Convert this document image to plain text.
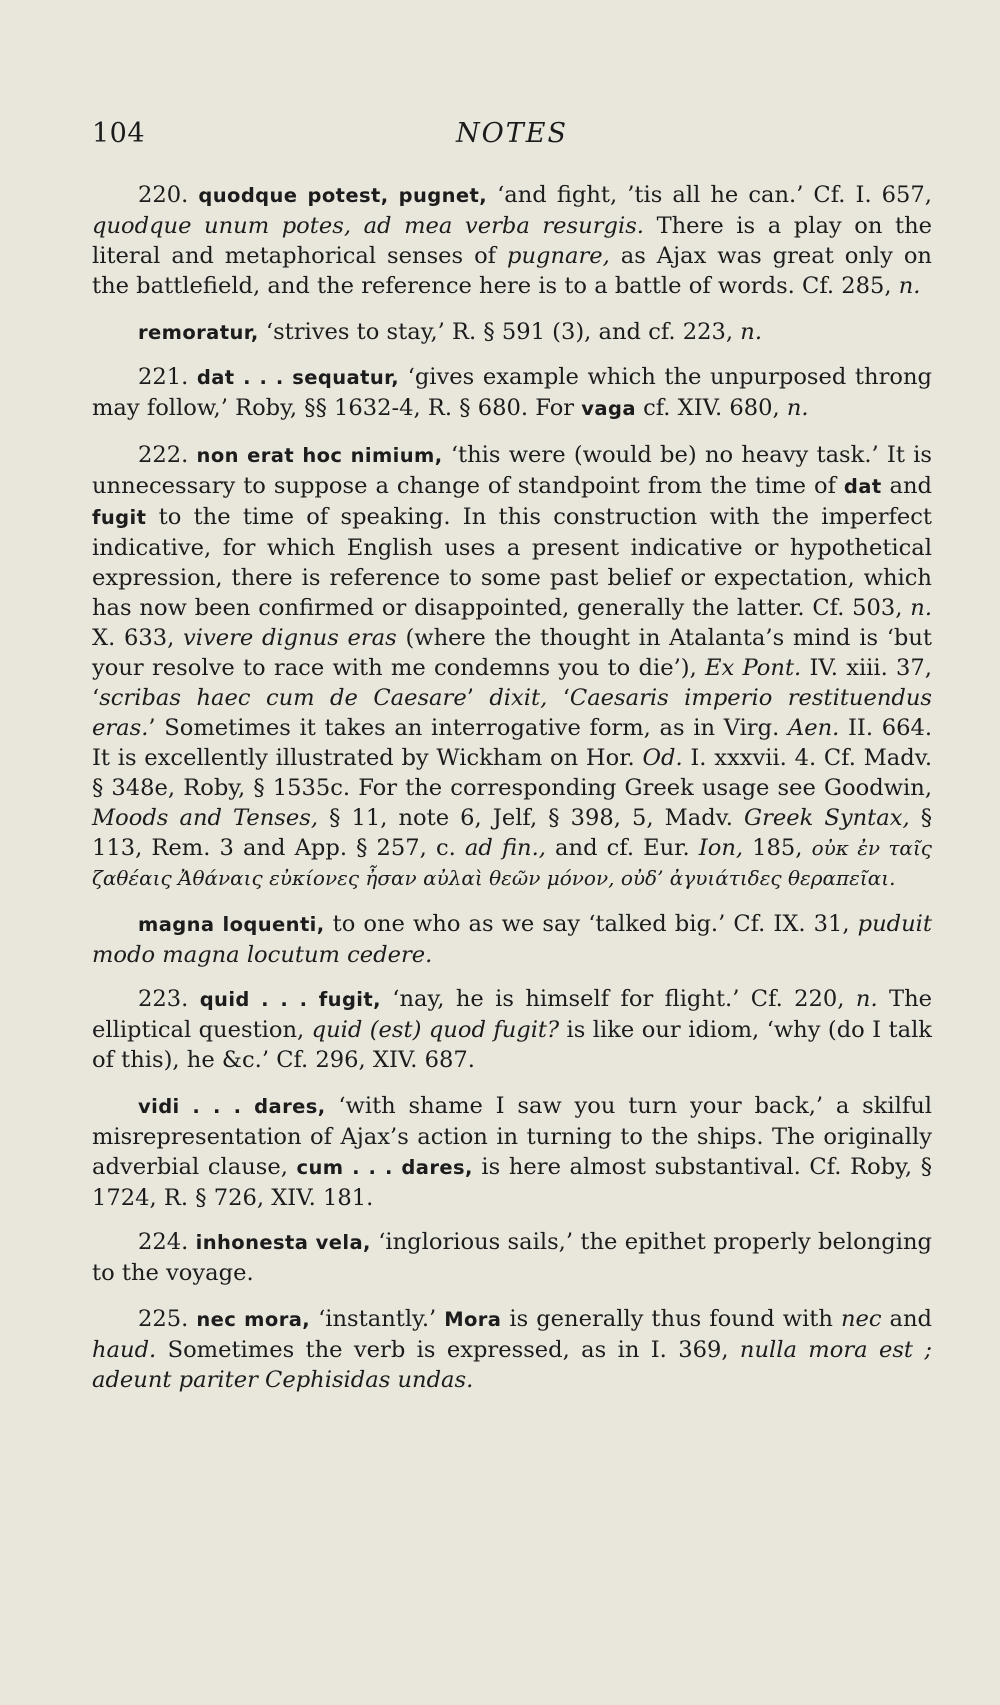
104	NOTES

220. quodque potest, pugnet, ‘and fight, ’tis all he can.’ Cf. I. 657, quodque unum potes, ad mea verba resurgis. There is a play on the literal and metaphorical senses of pugnare, as Ajax was great only on the battlefield, and the reference here is to a battle of words. Cf. 285, n.

remoratur, ‘strives to stay,’ R. § 591 (3), and cf. 223, n.

221. dat . . . sequatur, ‘gives example which the unpurposed throng may follow,’ Roby, §§ 1632-4, R. § 680. For vaga cf. XIV. 680, n.

222. non erat hoc nimium, ‘this were (would be) no heavy task.’ It is unnecessary to suppose a change of standpoint from the time of dat and fugit to the time of speaking. In this construction with the imperfect indicative, for which English uses a present indicative or hypothetical expression, there is reference to some past belief or expectation, which has now been confirmed or disappointed, generally the latter. Cf. 503, n. X. 633, vivere dignus eras (where the thought in Atalanta’s mind is ‘but your resolve to race with me condemns you to die’), Ex Pont. IV. xiii. 37, ‘scribas haec cum de Caesare’ dixit, ‘Caesaris imperio restituendus eras.’ Sometimes it takes an interrogative form, as in Virg. Aen. II. 664. It is excellently illustrated by Wickham on Hor. Od. I. xxxvii. 4. Cf. Madv. § 348e, Roby, § 1535c. For the corresponding Greek usage see Goodwin, Moods and Tenses, § 11, note 6, Jelf, § 398, 5, Madv. Greek Syntax, § 113, Rem. 3 and App. § 257, c. ad fin., and cf. Eur. Ion, 185, οὐκ ἐν ταῖς ζαθέαις Ἀθάναις εὐκίονες ἦσαν αὐλαὶ θεῶν μόνον, οὐδ’ ἀγυιάτιδες θεραπεῖαι.

magna loquenti, to one who as we say ‘talked big.’ Cf. IX. 31, puduit modo magna locutum cedere.

223. quid . . . fugit, ‘nay, he is himself for flight.’ Cf. 220, n. The elliptical question, quid (est) quod fugit? is like our idiom, ‘why (do I talk of this), he &c.’ Cf. 296, XIV. 687.

vidi . . . dares, ‘with shame I saw you turn your back,’ a skilful misrepresentation of Ajax’s action in turning to the ships. The originally adverbial clause, cum . . . dares, is here almost substantival. Cf. Roby, § 1724, R. § 726, XIV. 181.

224. inhonesta vela, ‘inglorious sails,’ the epithet properly belonging to the voyage.

225. nec mora, ‘instantly.’ Mora is generally thus found with nec and haud. Sometimes the verb is expressed, as in I. 369, nulla mora est ; adeunt pariter Cephisidas undas.
